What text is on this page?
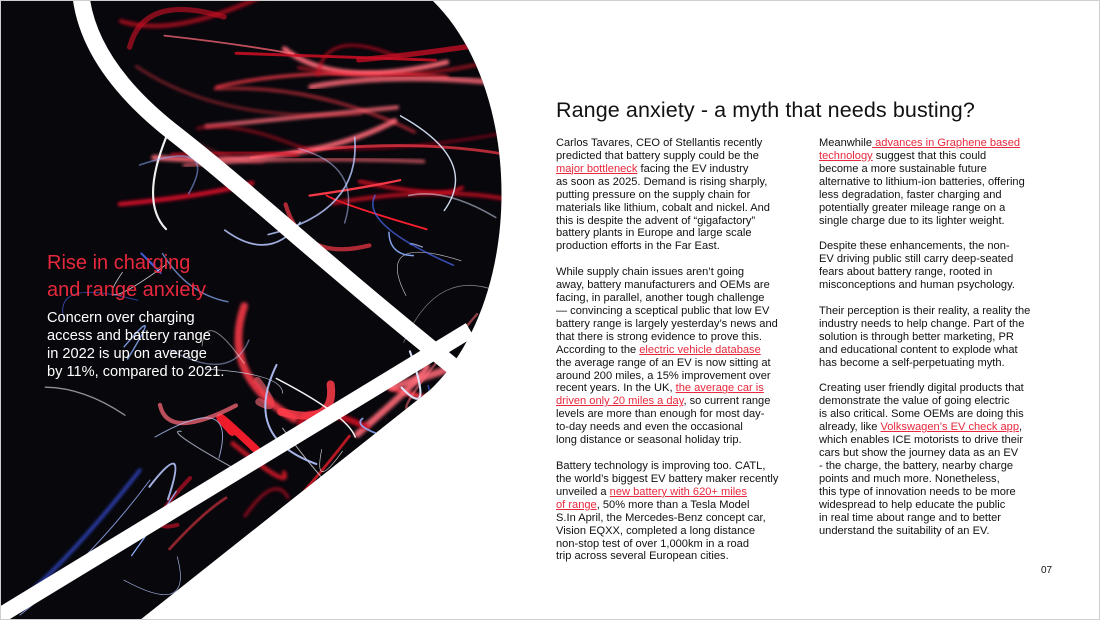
Rise in charging
and range anxiety

Concern over charging
access and battery range
in 2022 is up on average
by 11%, compared to 2021.

Range anxiety - a myth that needs busting?

Carlos Tavares, CEO of Stellantis recently
predicted that battery supply could be the
major bottleneck facing the EV industry
as soon as 2025. Demand is rising sharply,
putting pressure on the supply chain for
materials like lithium, cobalt and nickel. And
this is despite the advent of “gigafactory”
battery plants in Europe and large scale
production efforts in the Far East.

While supply chain issues aren’t going
away, battery manufacturers and OEMs are
facing, in parallel, another tough challenge
— convincing a sceptical public that low EV
battery range is largely yesterday’s news and
that there is strong evidence to prove this.
According to the electric vehicle database
the average range of an EV is now sitting at
around 200 miles, a 15% improvement over
recent years. In the UK, the average car is
driven only 20 miles a day, so current range
levels are more than enough for most day-
to-day needs and even the occasional
long distance or seasonal holiday trip.

Battery technology is improving too. CATL,
the world’s biggest EV battery maker recently
unveiled a new battery with 620+ miles
of range, 50% more than a Tesla Model
S.In April, the Mercedes-Benz concept car,
Vision EQXX, completed a long distance
non-stop test of over 1,000km in a road
trip across several European cities.

Meanwhile advances in Graphene based
technology suggest that this could
become a more sustainable future
alternative to lithium-ion batteries, offering
less degradation, faster charging and
potentially greater mileage range on a
single charge due to its lighter weight.

Despite these enhancements, the non-
EV driving public still carry deep-seated
fears about battery range, rooted in
misconceptions and human psychology.

Their perception is their reality, a reality the
industry needs to help change. Part of the
solution is through better marketing, PR
and educational content to explode what
has become a self-perpetuating myth.

Creating user friendly digital products that
demonstrate the value of going electric
is also critical. Some OEMs are doing this
already, like Volkswagen’s EV check app,
which enables ICE motorists to drive their
cars but show the journey data as an EV
- the charge, the battery, nearby charge
points and much more. Nonetheless,
this type of innovation needs to be more
widespread to help educate the public
in real time about range and to better
understand the suitability of an EV.

07
